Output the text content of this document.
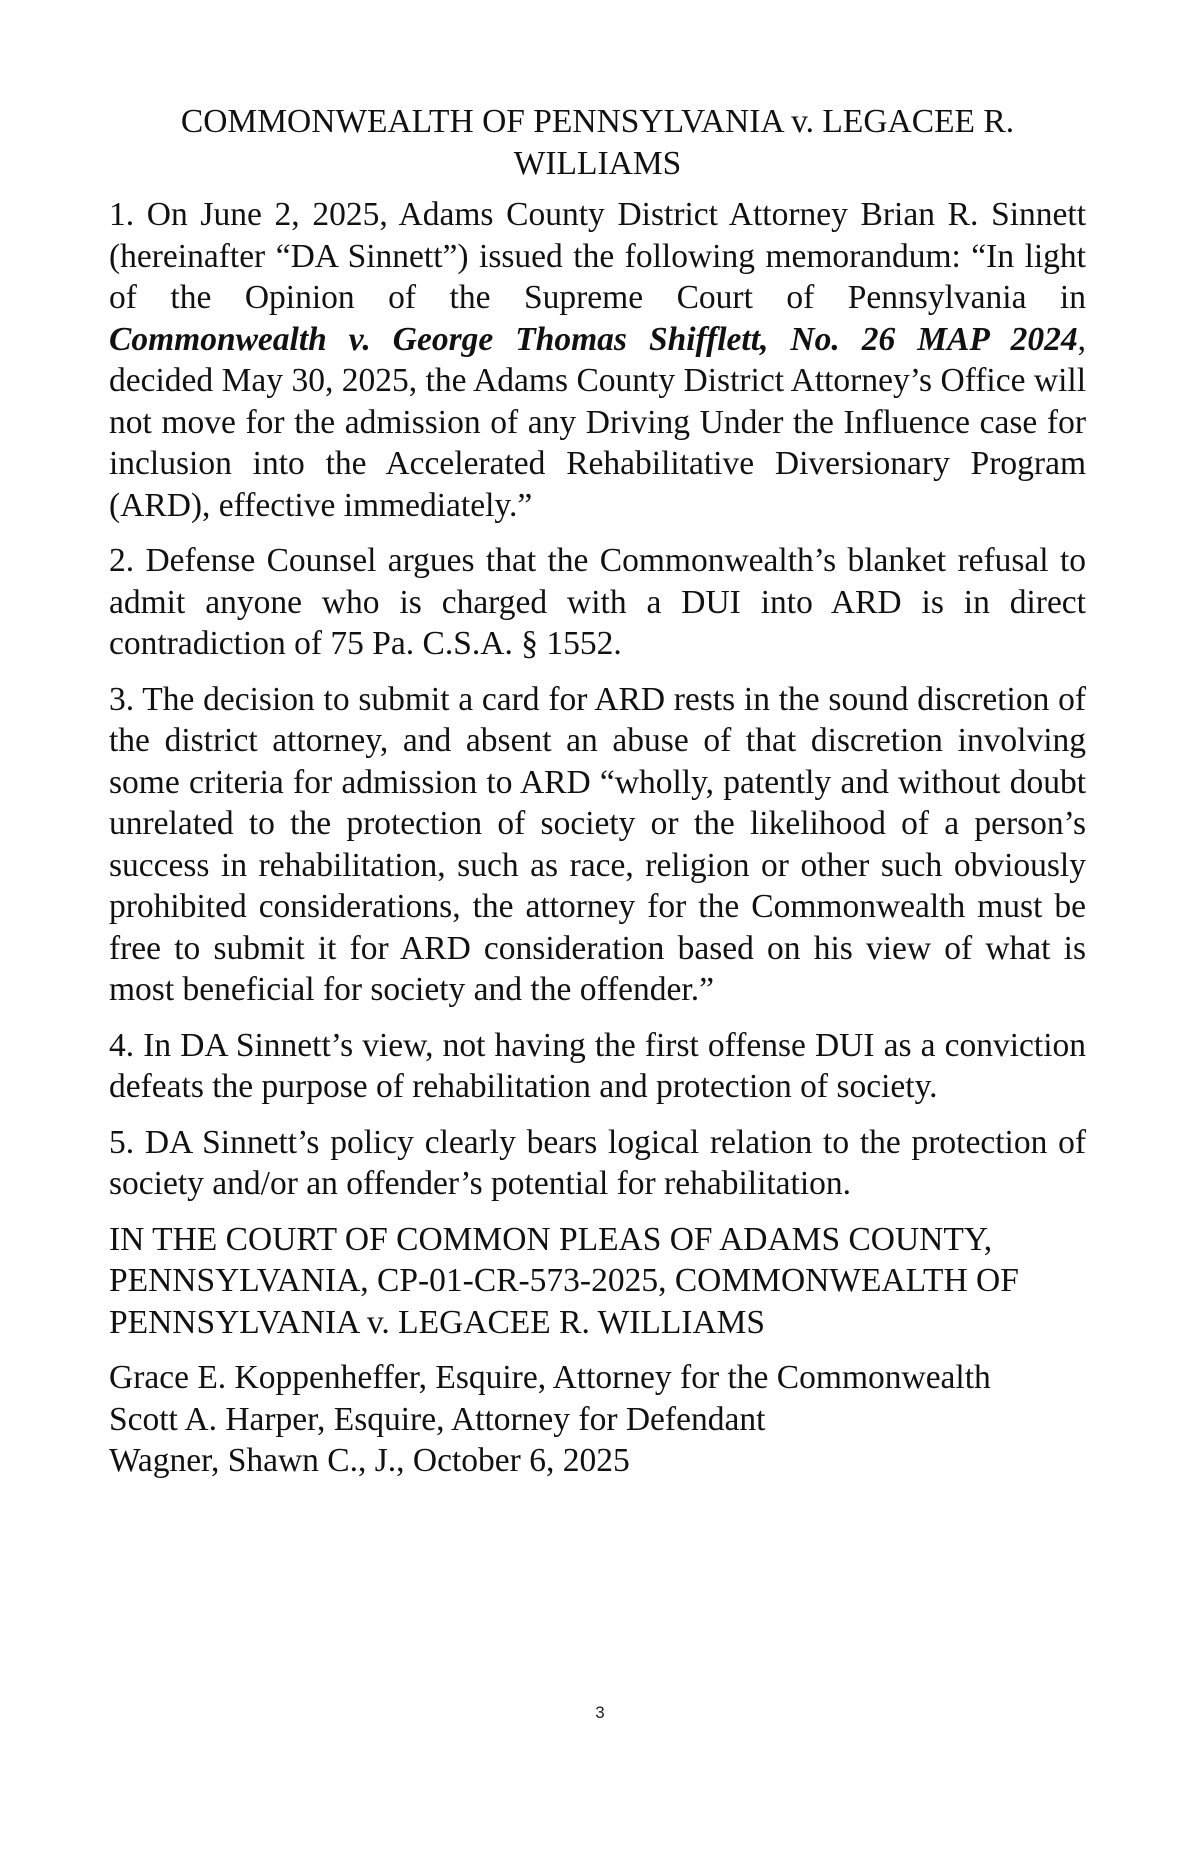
COMMONWEALTH OF PENNSYLVANIA v. LEGACEE R. WILLIAMS

1. On June 2, 2025, Adams County District Attorney Brian R. Sinnett (hereinafter “DA Sinnett”) issued the following memorandum: “In light of the Opinion of the Supreme Court of Pennsylvania in Commonwealth v. George Thomas Shifflett, No. 26 MAP 2024, decided May 30, 2025, the Adams County District Attorney’s Office will not move for the admission of any Driving Under the Influence case for inclusion into the Accelerated Rehabilitative Diversionary Program (ARD), effective immediately.”

2. Defense Counsel argues that the Commonwealth’s blanket refusal to admit anyone who is charged with a DUI into ARD is in direct contradiction of 75 Pa. C.S.A. § 1552.

3. The decision to submit a card for ARD rests in the sound discretion of the district attorney, and absent an abuse of that discretion involving some criteria for admission to ARD “wholly, patently and without doubt unrelated to the protection of society or the likelihood of a person’s success in rehabilitation, such as race, religion or other such obviously prohibited considerations, the attorney for the Commonwealth must be free to submit it for ARD consideration based on his view of what is most beneficial for society and the offender.”

4. In DA Sinnett’s view, not having the first offense DUI as a conviction defeats the purpose of rehabilitation and protection of society.

5. DA Sinnett’s policy clearly bears logical relation to the protection of society and/or an offender’s potential for rehabilitation.

IN THE COURT OF COMMON PLEAS OF ADAMS COUNTY, PENNSYLVANIA, CP-01-CR-573-2025, COMMONWEALTH OF PENNSYLVANIA v. LEGACEE R. WILLIAMS

Grace E. Koppenheffer, Esquire, Attorney for the Commonwealth
Scott A. Harper, Esquire, Attorney for Defendant
Wagner, Shawn C., J., October 6, 2025
3
